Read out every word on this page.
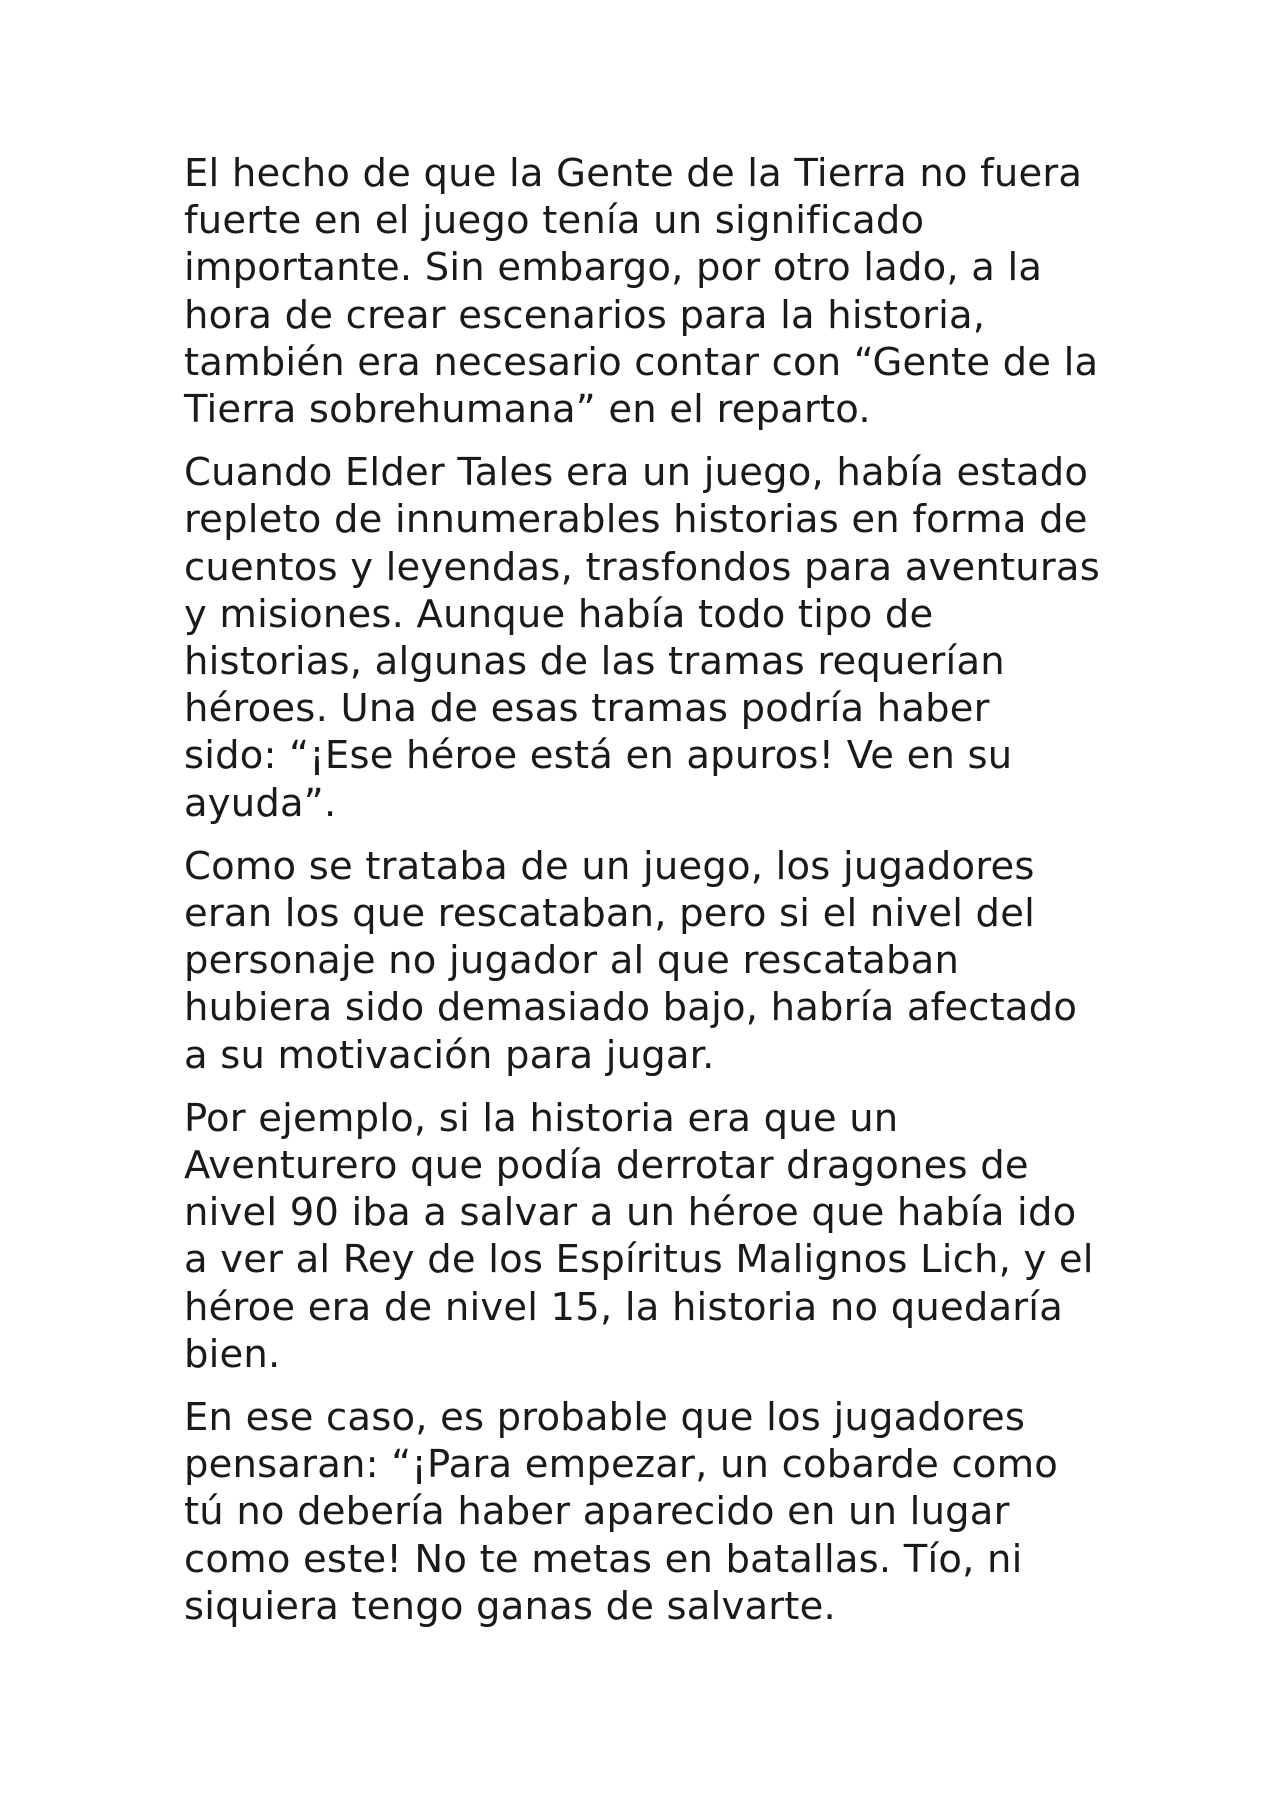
El hecho de que la Gente de la Tierra no fuera
fuerte en el juego tenía un significado
importante. Sin embargo, por otro lado, a la
hora de crear escenarios para la historia,
también era necesario contar con “Gente de la
Tierra sobrehumana” en el reparto.

Cuando Elder Tales era un juego, había estado
repleto de innumerables historias en forma de
cuentos y leyendas, trasfondos para aventuras
y misiones. Aunque había todo tipo de
historias, algunas de las tramas requerían
héroes. Una de esas tramas podría haber
sido: “¡Ese héroe está en apuros! Ve en su
ayuda”.

Como se trataba de un juego, los jugadores
eran los que rescataban, pero si el nivel del
personaje no jugador al que rescataban
hubiera sido demasiado bajo, habría afectado
a su motivación para jugar.

Por ejemplo, si la historia era que un
Aventurero que podía derrotar dragones de
nivel 90 iba a salvar a un héroe que había ido
a ver al Rey de los Espíritus Malignos Lich, y el
héroe era de nivel 15, la historia no quedaría
bien.

En ese caso, es probable que los jugadores
pensaran: “¡Para empezar, un cobarde como
tú no debería haber aparecido en un lugar
como este! No te metas en batallas. Tío, ni
siquiera tengo ganas de salvarte.
